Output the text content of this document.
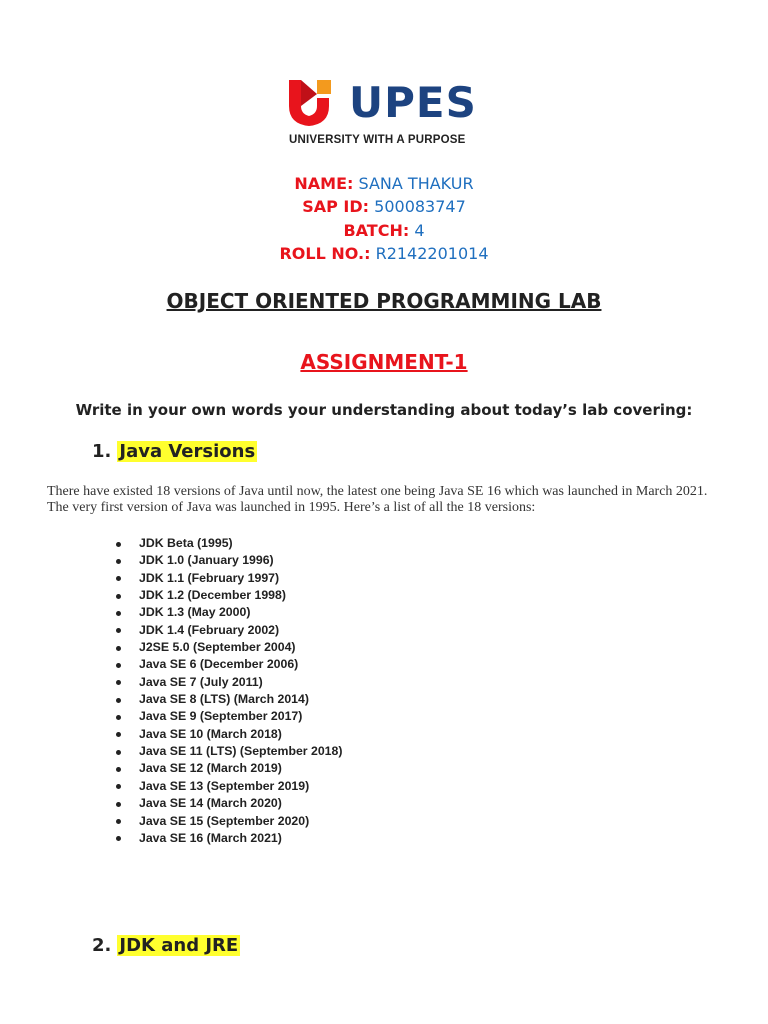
UPES
UNIVERSITY WITH A PURPOSE
NAME: SANA THAKUR
SAP ID: 500083747
BATCH: 4
ROLL NO.: R2142201014
OBJECT ORIENTED PROGRAMMING LAB
ASSIGNMENT-1
Write in your own words your understanding about today’s lab covering:
1. Java Versions
There have existed 18 versions of Java until now, the latest one being Java SE 16 which was launched in March 2021. The very first version of Java was launched in 1995. Here’s a list of all the 18 versions:
JDK Beta (1995)
JDK 1.0 (January 1996)
JDK 1.1 (February 1997)
JDK 1.2 (December 1998)
JDK 1.3 (May 2000)
JDK 1.4 (February 2002)
J2SE 5.0 (September 2004)
Java SE 6 (December 2006)
Java SE 7 (July 2011)
Java SE 8 (LTS) (March 2014)
Java SE 9 (September 2017)
Java SE 10 (March 2018)
Java SE 11 (LTS) (September 2018)
Java SE 12 (March 2019)
Java SE 13 (September 2019)
Java SE 14 (March 2020)
Java SE 15 (September 2020)
Java SE 16 (March 2021)
2. JDK and JRE
